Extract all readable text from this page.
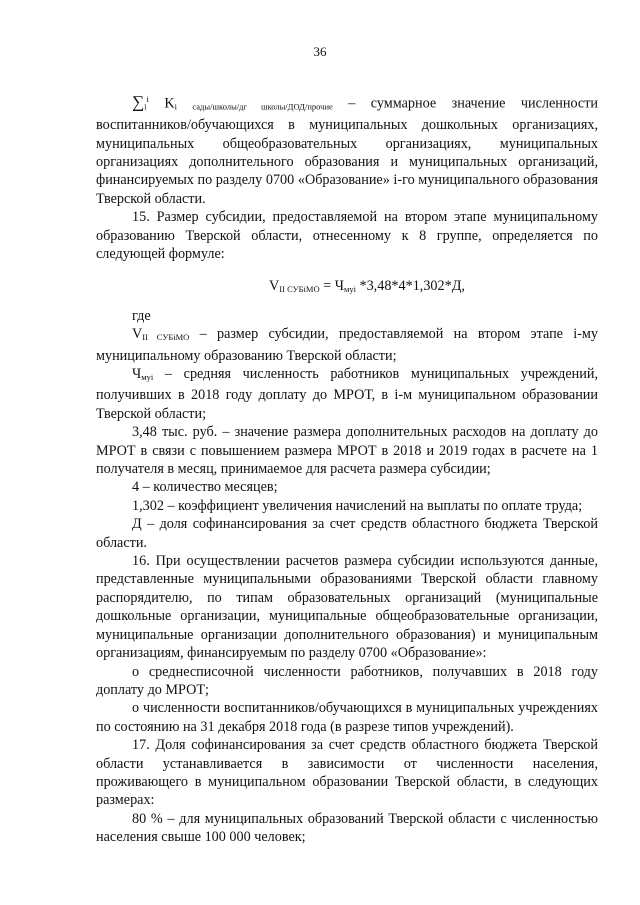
36

$\sum_i^i$ $K_i$ $_{сады/школы/дг школы/ДОД/прочие}$ – суммарное значение численности воспитанников/обучающихся в муниципальных дошкольных организациях, муниципальных общеобразовательных организациях, муниципальных организациях дополнительного образования и муниципальных организаций, финансируемых по разделу 0700 «Образование» i-го муниципального образования Тверской области.

15. Размер субсидии, предоставляемой на втором этапе муниципальному образованию Тверской области, отнесенному к 8 группе, определяется по следующей формуле:

$V_{II СУБiМО} = Ч_{муi}$ *3,48*4*1,302*Д,

где

$V_{II СУБiМО}$ – размер субсидии, предоставляемой на втором этапе i-му муниципальному образованию Тверской области;

$Ч_{муi}$ – средняя численность работников муниципальных учреждений, получивших в 2018 году доплату до МРОТ, в i-м муниципальном образовании Тверской области;

3,48 тыс. руб. – значение размера дополнительных расходов на доплату до МРОТ в связи с повышением размера МРОТ в 2018 и 2019 годах в расчете на 1 получателя в месяц, принимаемое для расчета размера субсидии;

4 – количество месяцев;

1,302 – коэффициент увеличения начислений на выплаты по оплате труда;

Д – доля софинансирования за счет средств областного бюджета Тверской области.

16. При осуществлении расчетов размера субсидии используются данные, представленные муниципальными образованиями Тверской области главному распорядителю, по типам образовательных организаций (муниципальные дошкольные организации, муниципальные общеобразовательные организации, муниципальные организации дополнительного образования) и муниципальным организациям, финансируемым по разделу 0700 «Образование»:

о среднесписочной численности работников, получавших в 2018 году доплату до МРОТ;

о численности воспитанников/обучающихся в муниципальных учреждениях по состоянию на 31 декабря 2018 года (в разрезе типов учреждений).

17. Доля софинансирования за счет средств областного бюджета Тверской области устанавливается в зависимости от численности населения, проживающего в муниципальном образовании Тверской области, в следующих размерах:

80 % – для муниципальных образований Тверской области с численностью населения свыше 100 000 человек;
